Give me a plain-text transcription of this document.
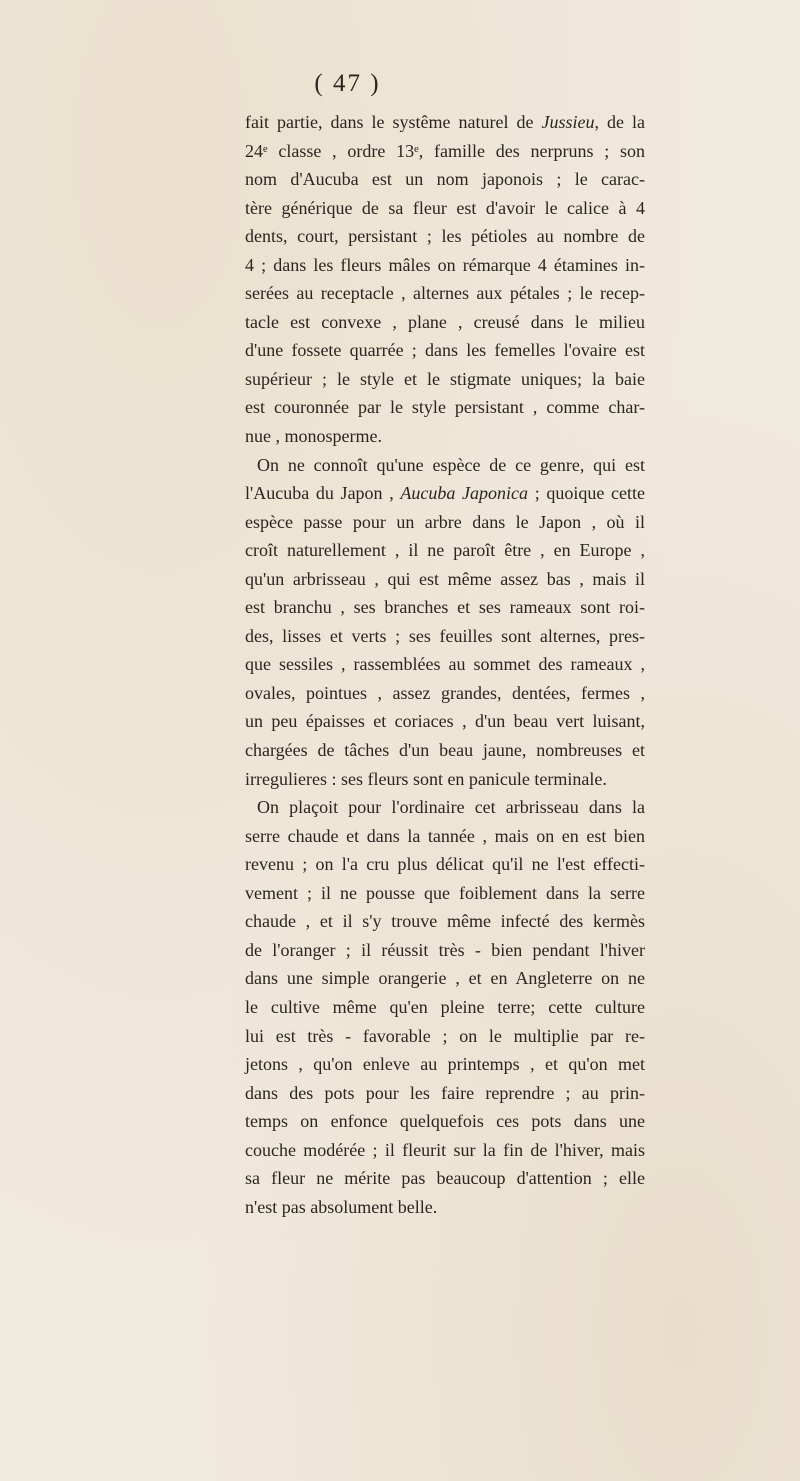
( 47 )
fait partie, dans le systême naturel de Jussieu, de la
24ᵉ classe , ordre 13ᵉ, famille des nerpruns ; son
nom d'Aucuba est un nom japonois ; le carac-
tère générique de sa fleur est d'avoir le calice à 4
dents, court, persistant ; les pétioles au nombre de
4 ; dans les fleurs mâles on rémarque 4 étamines in-
serées au receptacle , alternes aux pétales ; le recep-
tacle est convexe , plane , creusé dans le milieu
d'une fossete quarrée ; dans les femelles l'ovaire est
supérieur ; le style et le stigmate uniques; la baie
est couronnée par le style persistant , comme char-
nue , monosperme.
On ne connoît qu'une espèce de ce genre, qui est
l'Aucuba du Japon , Aucuba Japonica ; quoique cette
espèce passe pour un arbre dans le Japon , où il
croît naturellement , il ne paroît être , en Europe ,
qu'un arbrisseau , qui est même assez bas , mais il
est branchu , ses branches et ses rameaux sont roi-
des, lisses et verts ; ses feuilles sont alternes, pres-
que sessiles , rassemblées au sommet des rameaux ,
ovales, pointues , assez grandes, dentées, fermes ,
un peu épaisses et coriaces , d'un beau vert luisant,
chargées de tâches d'un beau jaune, nombreuses et
irregulieres : ses fleurs sont en panicule terminale.
On plaçoit pour l'ordinaire cet arbrisseau dans la
serre chaude et dans la tannée , mais on en est bien
revenu ; on l'a cru plus délicat qu'il ne l'est effecti-
vement ; il ne pousse que foiblement dans la serre
chaude , et il s'y trouve même infecté des kermès
de l'oranger ; il réussit très - bien pendant l'hiver
dans une simple orangerie , et en Angleterre on ne
le cultive même qu'en pleine terre; cette culture
lui est très - favorable ; on le multiplie par re-
jetons , qu'on enleve au printemps , et qu'on met
dans des pots pour les faire reprendre ; au prin-
temps on enfonce quelquefois ces pots dans une
couche modérée ; il fleurit sur la fin de l'hiver, mais
sa fleur ne mérite pas beaucoup d'attention ; elle
n'est pas absolument belle.
